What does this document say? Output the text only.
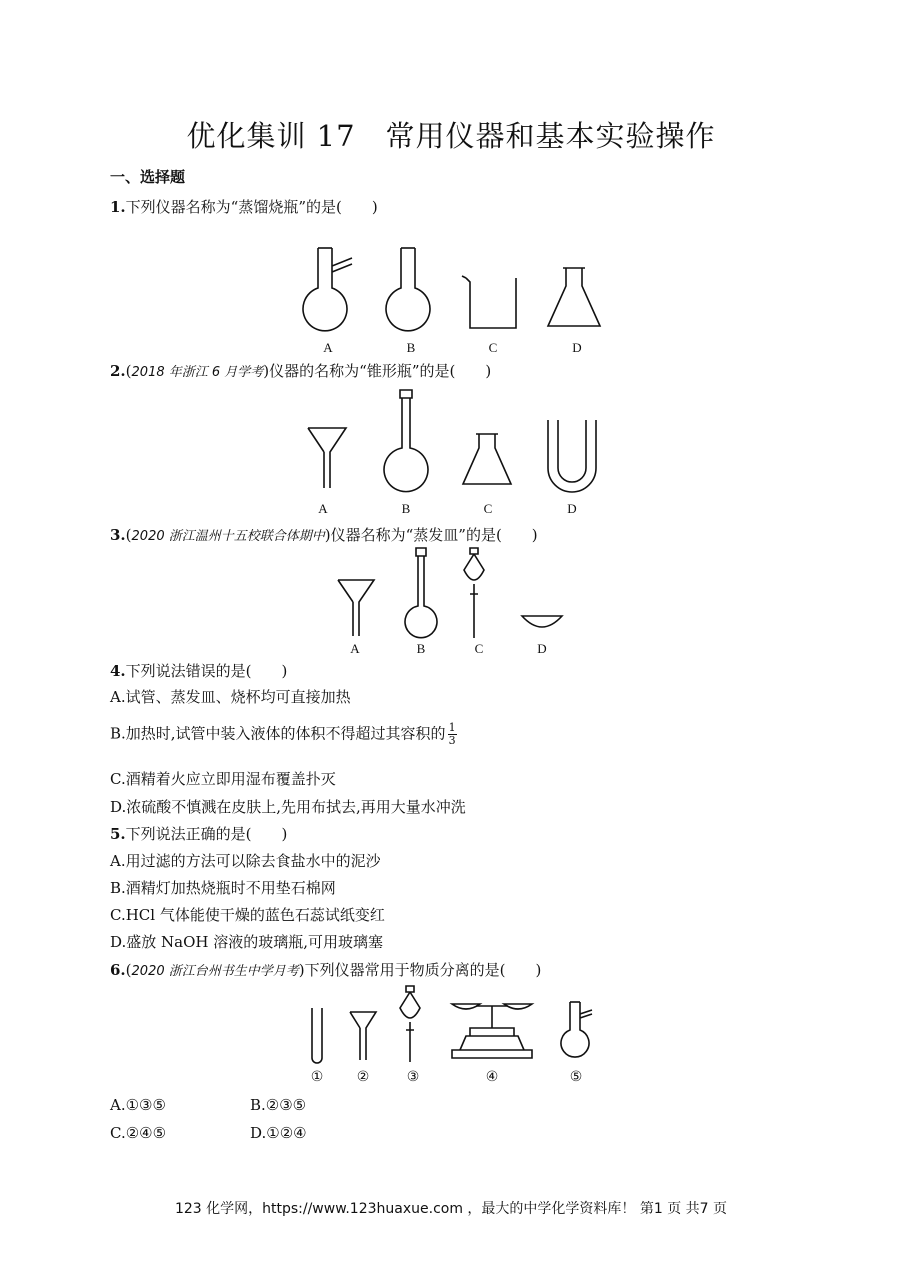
优化集训 17　常用仪器和基本实验操作
一、选择题
1.下列仪器名称为“蒸馏烧瓶”的是(　　)
A	B	C	D
2.(2018 年浙江 6 月学考)仪器的名称为“锥形瓶”的是(　　)
A	B	C	D
3.(2020 浙江温州十五校联合体期中)仪器名称为“蒸发皿”的是(　　)
A	B	C	D
4.下列说法错误的是(　　)
A.试管、蒸发皿、烧杯均可直接加热
B.加热时,试管中装入液体的体积不得超过其容积的 $\frac{1}{3}$
C.酒精着火应立即用湿布覆盖扑灭
D.浓硫酸不慎溅在皮肤上,先用布拭去,再用大量水冲洗
5.下列说法正确的是(　　)
A.用过滤的方法可以除去食盐水中的泥沙
B.酒精灯加热烧瓶时不用垫石棉网
C.HCl 气体能使干燥的蓝色石蕊试纸变红
D.盛放 NaOH 溶液的玻璃瓶,可用玻璃塞
6.(2020 浙江台州书生中学月考)下列仪器常用于物质分离的是(　　)
①	②	③	④	⑤
A.①③⑤	B.②③⑤
C.②④⑤	D.①②④
123 化学网，https://www.123huaxue.com ，最大的中学化学资料库！ 第1 页 共7 页
